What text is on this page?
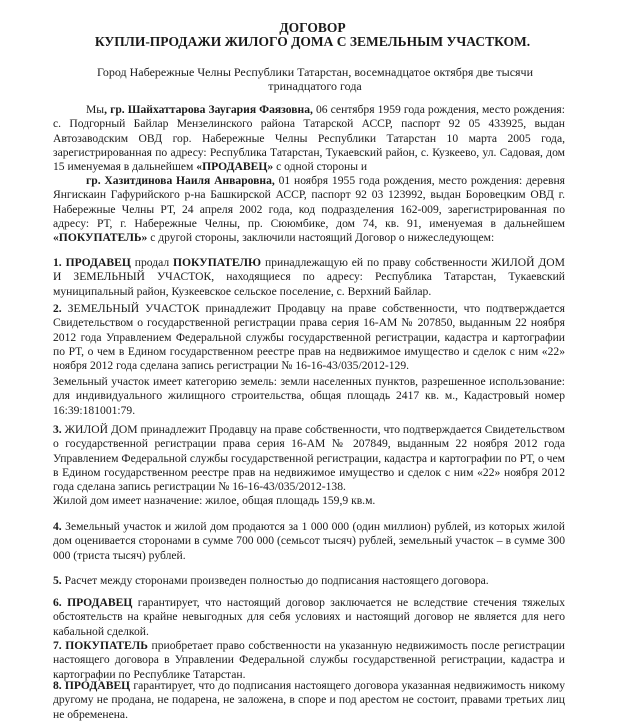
ДОГОВОР
КУПЛИ-ПРОДАЖИ ЖИЛОГО ДОМА С ЗЕМЕЛЬНЫМ УЧАСТКОМ.
Город Набережные Челны Республики Татарстан, восемнадцатое октября две тысячи тринадцатого года
Мы, гр. Шайхаттарова Заугария Фаязовна, 06 сентября 1959 года рождения, место рождения: с. Подгорный Байлар Мензелинского района Татарской АССР, паспорт 92 05 433925, выдан Автозаводским ОВД гор. Набережные Челны Республики Татарстан 10 марта 2005 года, зарегистрированная по адресу: Республика Татарстан, Тукаевский район, с. Кузкеево, ул. Садовая, дом 15 именуемая в дальнейшем «ПРОДАВЕЦ» с одной стороны и
гр. Хазитдинова Наиля Анваровна, 01 ноября 1955 года рождения, место рождения: деревня Янгискаин Гафурийского р-на Башкирской АССР, паспорт 92 03 123992, выдан Боровецким ОВД г. Набережные Челны РТ, 24 апреля 2002 года, код подразделения 162-009, зарегистрированная по адресу: РТ, г. Набережные Челны, пр. Сююмбике, дом 74, кв. 91, именуемая в дальнейшем «ПОКУПАТЕЛЬ» с другой стороны, заключили настоящий Договор о нижеследующем:
1. ПРОДАВЕЦ продал ПОКУПАТЕЛЮ принадлежащую ей по праву собственности ЖИЛОЙ ДОМ И ЗЕМЕЛЬНЫЙ УЧАСТОК, находящиеся по адресу: Республика Татарстан, Тукаевский муниципальный район, Кузкеевское сельское поселение, с. Верхний Байлар.
2. ЗЕМЕЛЬНЫЙ УЧАСТОК принадлежит Продавцу на праве собственности, что подтверждается Свидетельством о государственной регистрации права серия 16-АМ № 207850, выданным 22 ноября 2012 года Управлением Федеральной службы государственной регистрации, кадастра и картографии по РТ, о чем в Едином государственном реестре прав на недвижимое имущество и сделок с ним «22» ноября 2012 года сделана запись регистрации № 16-16-43/035/2012-129.
Земельный участок имеет категорию земель: земли населенных пунктов, разрешенное использование: для индивидуального жилищного строительства, общая площадь 2417 кв. м., Кадастровый номер 16:39:181001:79.
3. ЖИЛОЙ ДОМ принадлежит Продавцу на праве собственности, что подтверждается Свидетельством о государственной регистрации права серия 16-АМ № 207849, выданным 22 ноября 2012 года Управлением Федеральной службы государственной регистрации, кадастра и картографии по РТ, о чем в Едином государственном реестре прав на недвижимое имущество и сделок с ним «22» ноября 2012 года сделана запись регистрации № 16-16-43/035/2012-138.
Жилой дом имеет назначение: жилое, общая площадь 159,9 кв.м.
4. Земельный участок и жилой дом продаются за 1 000 000 (один миллион) рублей, из которых жилой дом оценивается сторонами в сумме 700 000 (семьсот тысяч) рублей, земельный участок – в сумме 300 000 (триста тысяч) рублей.
5. Расчет между сторонами произведен полностью до подписания настоящего договора.
6. ПРОДАВЕЦ гарантирует, что настоящий договор заключается не вследствие стечения тяжелых обстоятельств на крайне невыгодных для себя условиях и настоящий договор не является для него кабальной сделкой.
7. ПОКУПАТЕЛЬ приобретает право собственности на указанную недвижимость после регистрации настоящего договора в Управлении Федеральной службы государственной регистрации, кадастра и картографии по Республике Татарстан.
8. ПРОДАВЕЦ гарантирует, что до подписания настоящего договора указанная недвижимость никому другому не продана, не подарена, не заложена, в споре и под арестом не состоит, правами третьих лиц не обременена.
